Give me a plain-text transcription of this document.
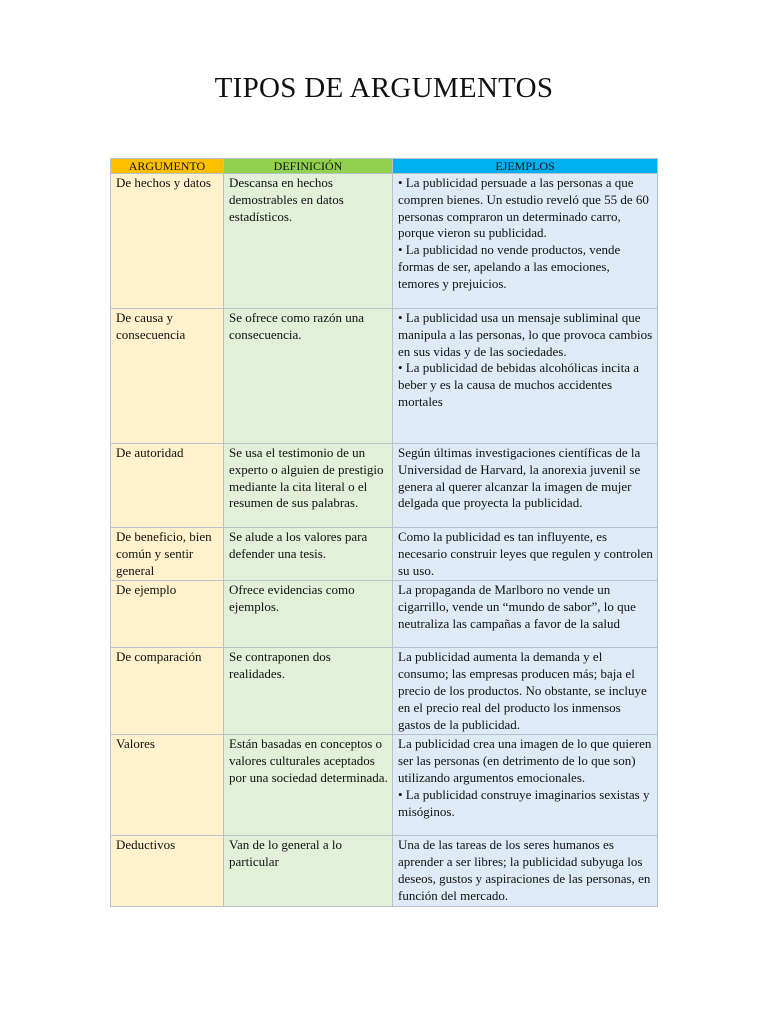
TIPOS DE ARGUMENTOS
ARGUMENTO	DEFINICIÓN	EJEMPLOS
De hechos y datos	Descansa en hechos demostrables en datos estadísticos.	• La publicidad persuade a las personas a que compren bienes. Un estudio reveló que 55 de 60 personas compraron un determinado carro, porque vieron su publicidad.
• La publicidad no vende productos, vende formas de ser, apelando a las emociones, temores y prejuicios.

De causa y consecuencia	Se ofrece como razón una consecuencia.	• La publicidad usa un mensaje subliminal que manipula a las personas, lo que provoca cambios en sus vidas y de las sociedades.
• La publicidad de bebidas alcohólicas incita a beber y es la causa de muchos accidentes
mortales

De autoridad	Se usa el testimonio de un experto o alguien de prestigio mediante la cita literal o el resumen de sus palabras.	Según últimas investigaciones científicas de la Universidad de Harvard, la anorexia juvenil se genera al querer alcanzar la imagen de mujer delgada que proyecta la publicidad.

De beneficio, bien común y sentir general	Se alude a los valores para defender una tesis.	Como la publicidad es tan influyente, es necesario construir leyes que regulen y controlen su uso.

De ejemplo	Ofrece evidencias como ejemplos.	La propaganda de Marlboro no vende un cigarrillo, vende un “mundo de sabor”, lo que neutraliza las campañas a favor de la salud

De comparación	Se contraponen dos realidades.	La publicidad aumenta la demanda y el consumo; las empresas producen más; baja el precio de los productos. No obstante, se incluye en el precio real del producto los inmensos gastos de la publicidad.

Valores	Están basadas en conceptos o valores culturales aceptados por una sociedad determinada.	La publicidad crea una imagen de lo que quieren ser las personas (en detrimento de lo que son) utilizando argumentos emocionales.
• La publicidad construye imaginarios sexistas y misóginos.

Deductivos	Van de lo general a lo particular	Una de las tareas de los seres humanos es aprender a ser libres; la publicidad subyuga los deseos, gustos y aspiraciones de las personas, en función del mercado.
